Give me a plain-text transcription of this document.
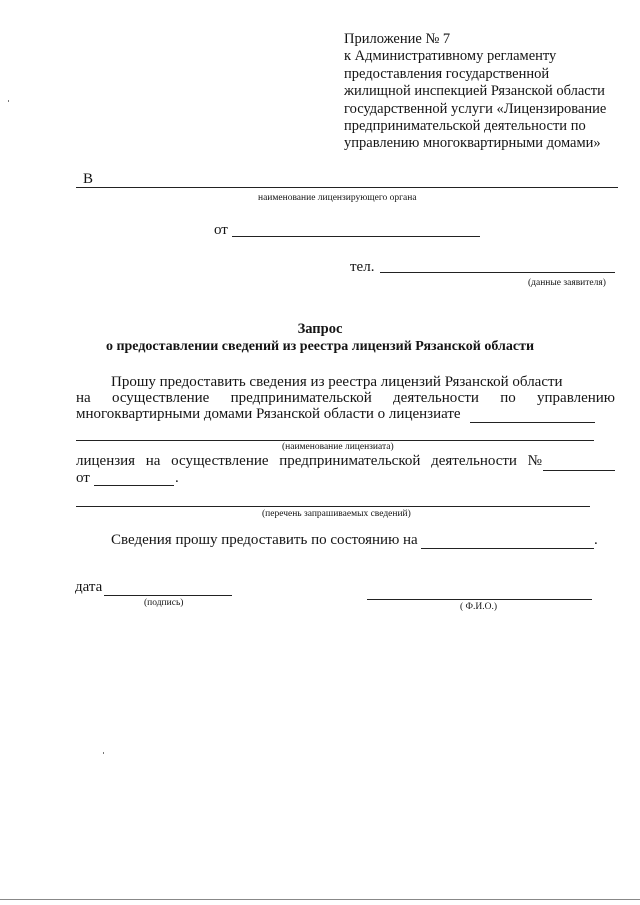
Приложение № 7
к Административному регламенту
предоставления государственной
жилищной инспекцией Рязанской области
государственной услуги «Лицензирование
предпринимательской деятельности по
управлению многоквартирными домами»
В
наименование лицензирующего органа
от
тел.
(данные заявителя)
Запрос
о предоставлении сведений из реестра лицензий Рязанской области
Прошу предоставить сведения из реестра лицензий Рязанской области
на осуществление предпринимательской деятельности по управлению
многоквартирными домами Рязанской области о лицензиате
(наименование лицензиата)
лицензия на осуществление предпринимательской деятельности №
от	.
(перечень запрашиваемых сведений)
Сведения прошу предоставить по состоянию на	.
дата
(подпись)	( Ф.И.О.)
